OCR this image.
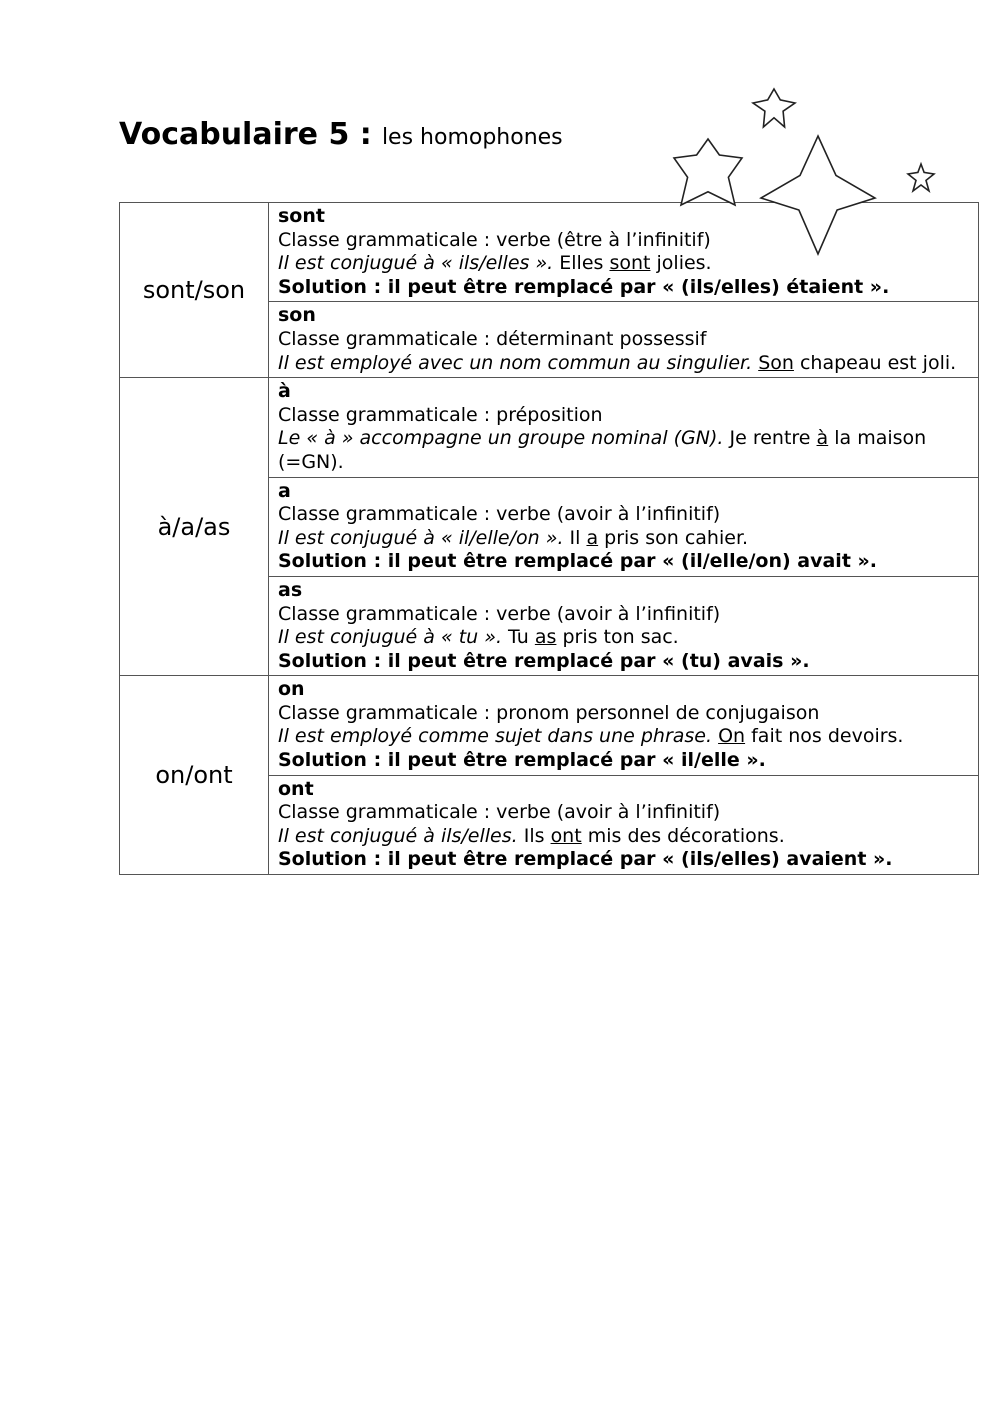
Vocabulaire 5 : les homophones
sont/son	sont
Classe grammaticale : verbe (être à l’infinitif)
Il est conjugué à « ils/elles ». Elles sont jolies.
Solution : il peut être remplacé par « (ils/elles) étaient ».

	son
Classe grammaticale : déterminant possessif
Il est employé avec un nom commun au singulier. Son chapeau est joli.

à/a/as	à
Classe grammaticale : préposition
Le « à » accompagne un groupe nominal (GN). Je rentre à la maison (=GN).

	a
Classe grammaticale : verbe (avoir à l’infinitif)
Il est conjugué à « il/elle/on ». Il a pris son cahier.
Solution : il peut être remplacé par « (il/elle/on) avait ».

	as
Classe grammaticale : verbe (avoir à l’infinitif)
Il est conjugué à « tu ». Tu as pris ton sac.
Solution : il peut être remplacé par « (tu) avais ».

on/ont	on
Classe grammaticale : pronom personnel de conjugaison
Il est employé comme sujet dans une phrase. On fait nos devoirs.
Solution : il peut être remplacé par « il/elle ».

	ont
Classe grammaticale : verbe (avoir à l’infinitif)
Il est conjugué à ils/elles. Ils ont mis des décorations.
Solution : il peut être remplacé par « (ils/elles) avaient ».
